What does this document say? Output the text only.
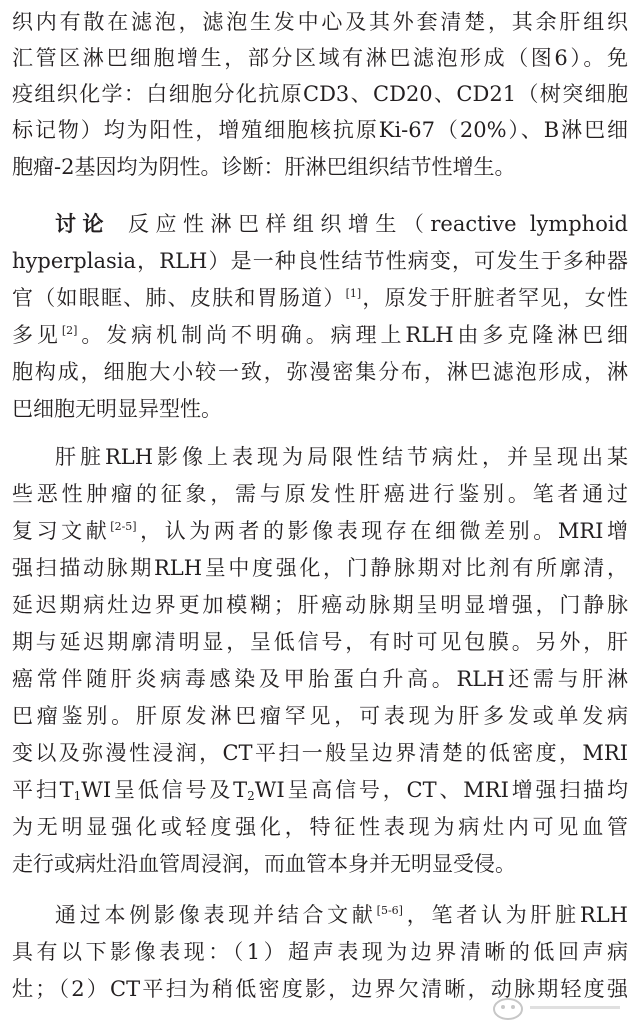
织内有散在滤泡，滤泡生发中心及其外套清楚，其余肝组织
汇管区淋巴细胞增生，部分区域有淋巴滤泡形成（图6）。免
疫组织化学：白细胞分化抗原CD3、CD20、CD21（树突细胞
标记物）均为阳性，增殖细胞核抗原Ki-67（20%）、B淋巴细
胞瘤-2基因均为阴性。诊断：肝淋巴组织结节性增生。
讨论 反应性淋巴样组织增生（reactive lymphoid
hyperplasia，RLH）是一种良性结节性病变，可发生于多种器
官（如眼眶、肺、皮肤和胃肠道）[1]，原发于肝脏者罕见，女性
多见[2]。发病机制尚不明确。病理上RLH由多克隆淋巴细
胞构成，细胞大小较一致，弥漫密集分布，淋巴滤泡形成，淋
巴细胞无明显异型性。
肝脏RLH影像上表现为局限性结节病灶，并呈现出某
些恶性肿瘤的征象，需与原发性肝癌进行鉴别。笔者通过
复习文献[2-5]，认为两者的影像表现存在细微差别。MRI增
强扫描动脉期RLH呈中度强化，门静脉期对比剂有所廓清，
延迟期病灶边界更加模糊；肝癌动脉期呈明显增强，门静脉
期与延迟期廓清明显，呈低信号，有时可见包膜。另外，肝
癌常伴随肝炎病毒感染及甲胎蛋白升高。RLH还需与肝淋
巴瘤鉴别。肝原发淋巴瘤罕见，可表现为肝多发或单发病
变以及弥漫性浸润，CT平扫一般呈边界清楚的低密度，MRI
平扫$T_1WI$呈低信号及$T_2WI$呈高信号，CT、MRI增强扫描均
为无明显强化或轻度强化，特征性表现为病灶内可见血管
走行或病灶沿血管周浸润，而血管本身并无明显受侵。
通过本例影像表现并结合文献[5-6]，笔者认为肝脏RLH
具有以下影像表现：（1）超声表现为边界清晰的低回声病
灶；（2）CT平扫为稍低密度影，边界欠清晰，动脉期轻度强
